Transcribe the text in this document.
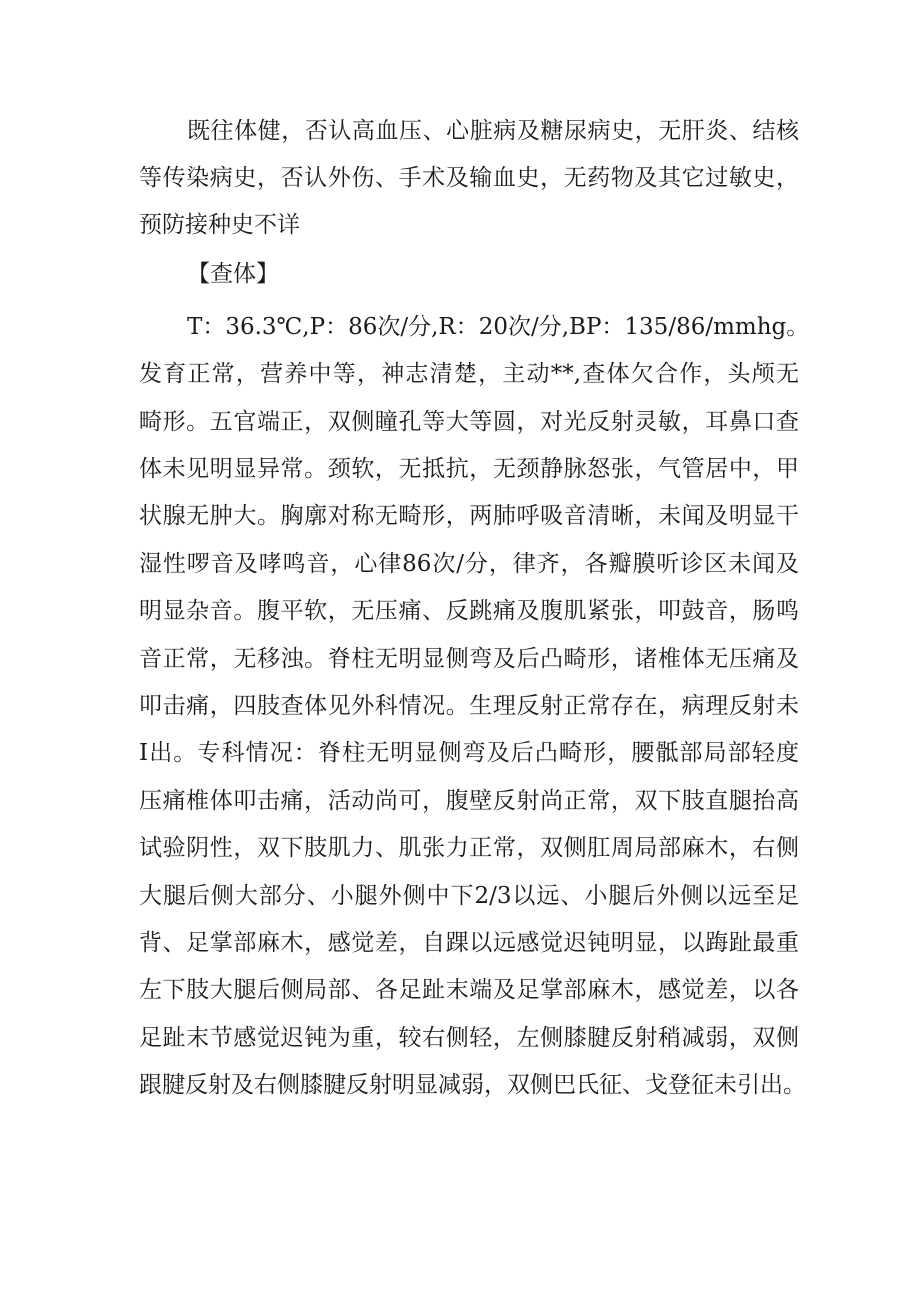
既往体健，否认高血压、心脏病及糖尿病史，无肝炎、结核
等传染病史，否认外伤、手术及输血史，无药物及其它过敏史，
预防接种史不详
【查体】
T：36.3℃,P：86次/分,R：20次/分,BP：135/86/mmhg。
发育正常，营养中等，神志清楚，主动**,查体欠合作，头颅无
畸形。五官端正，双侧瞳孔等大等圆，对光反射灵敏，耳鼻口查
体未见明显异常。颈软，无抵抗，无颈静脉怒张，气管居中，甲
状腺无肿大。胸廓对称无畸形，两肺呼吸音清晰，未闻及明显干
湿性啰音及哮鸣音，心律86次/分，律齐，各瓣膜听诊区未闻及
明显杂音。腹平软，无压痛、反跳痛及腹肌紧张，叩鼓音，肠鸣
音正常，无移浊。脊柱无明显侧弯及后凸畸形，诸椎体无压痛及
叩击痛，四肢查体见外科情况。生理反射正常存在，病理反射未
I出。专科情况：脊柱无明显侧弯及后凸畸形，腰骶部局部轻度
压痛椎体叩击痛，活动尚可，腹壁反射尚正常，双下肢直腿抬高
试验阴性，双下肢肌力、肌张力正常，双侧肛周局部麻木，右侧
大腿后侧大部分、小腿外侧中下2/3以远、小腿后外侧以远至足
背、足掌部麻木，感觉差，自踝以远感觉迟钝明显，以踇趾最重
左下肢大腿后侧局部、各足趾末端及足掌部麻木，感觉差，以各
足趾末节感觉迟钝为重，较右侧轻，左侧膝腱反射稍减弱，双侧
跟腱反射及右侧膝腱反射明显减弱，双侧巴氏征、戈登征未引出。
